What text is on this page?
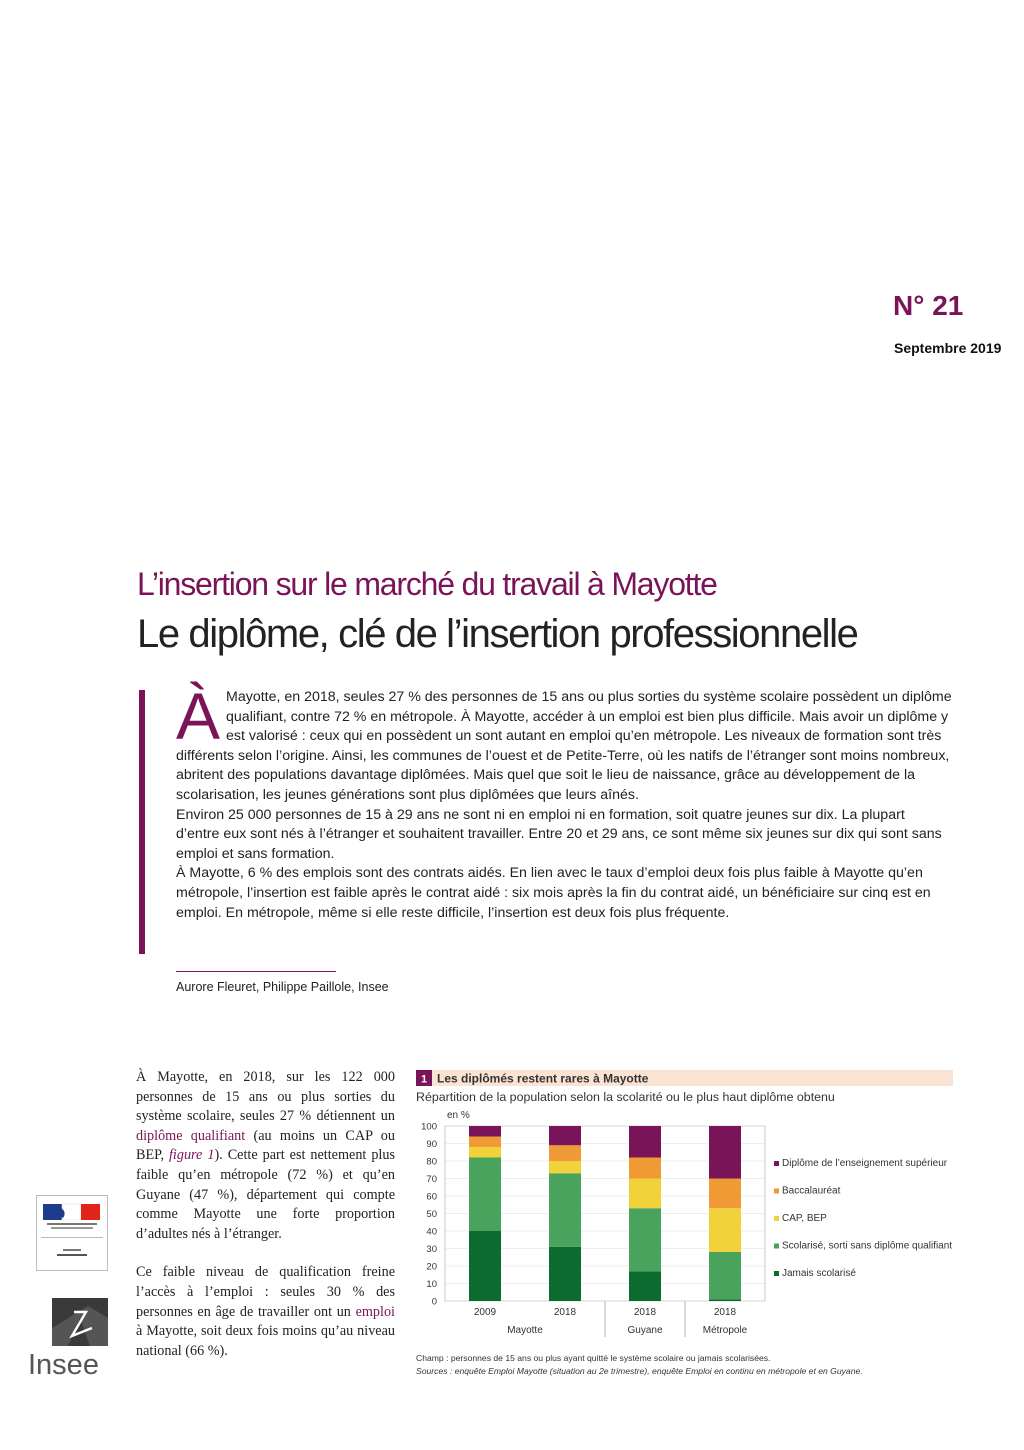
N° 21
Septembre 2019
L’insertion sur le marché du travail à Mayotte
Le diplôme, clé de l’insertion professionnelle

À Mayotte, en 2018, seules 27 % des personnes de 15 ans ou plus sorties du système scolaire possèdent un diplôme qualifiant, contre 72 % en métropole. À Mayotte, accéder à un emploi est bien plus difficile. Mais avoir un diplôme y est valorisé : ceux qui en possèdent un sont autant en emploi qu’en métropole. Les niveaux de formation sont très différents selon l’origine. Ainsi, les communes de l’ouest et de Petite-Terre, où les natifs de l’étranger sont moins nombreux, abritent des populations davantage diplômées. Mais quel que soit le lieu de naissance, grâce au développement de la scolarisation, les jeunes générations sont plus diplômées que leurs aînés.

Environ 25 000 personnes de 15 à 29 ans ne sont ni en emploi ni en formation, soit quatre jeunes sur dix. La plupart d’entre eux sont nés à l’étranger et souhaitent travailler. Entre 20 et 29 ans, ce sont même six jeunes sur dix qui sont sans emploi et sans formation.

À Mayotte, 6 % des emplois sont des contrats aidés. En lien avec le taux d’emploi deux fois plus faible à Mayotte qu’en métropole, l’insertion est faible après le contrat aidé : six mois après la fin du contrat aidé, un bénéficiaire sur cinq est en emploi. En métropole, même si elle reste difficile, l’insertion est deux fois plus fréquente.

Aurore Fleuret, Philippe Paillole, Insee

À Mayotte, en 2018, sur les 122 000 personnes de 15 ans ou plus sorties du système scolaire, seules 27 % détiennent un diplôme qualifiant (au moins un CAP ou BEP, figure 1). Cette part est nettement plus faible qu’en métropole (72 %) et qu’en Guyane (47 %), département qui compte comme Mayotte une forte proportion d’adultes nés à l’étranger.

Ce faible niveau de qualification freine l’accès à l’emploi : seules 30 % des personnes en âge de travailler ont un emploi à Mayotte, soit deux fois moins qu’au niveau national (66 %).

Insee
1 Les diplômés restent rares à Mayotte
Répartition de la population selon la scolarité ou le plus haut diplôme obtenu
en %
0
10
20
30
40
50
60
70
80
90
100
2009	2018	2018	2018
Mayotte	Guyane	Métropole
Diplôme de l’enseignement supérieur
Baccalauréat
CAP, BEP
Scolarisé, sorti sans diplôme qualifiant
Jamais scolarisé
Champ : personnes de 15 ans ou plus ayant quitté le système scolaire ou jamais scolarisées.
Sources : enquête Emploi Mayotte (situation au 2e trimestre), enquête Emploi en continu en métropole et en Guyane.
